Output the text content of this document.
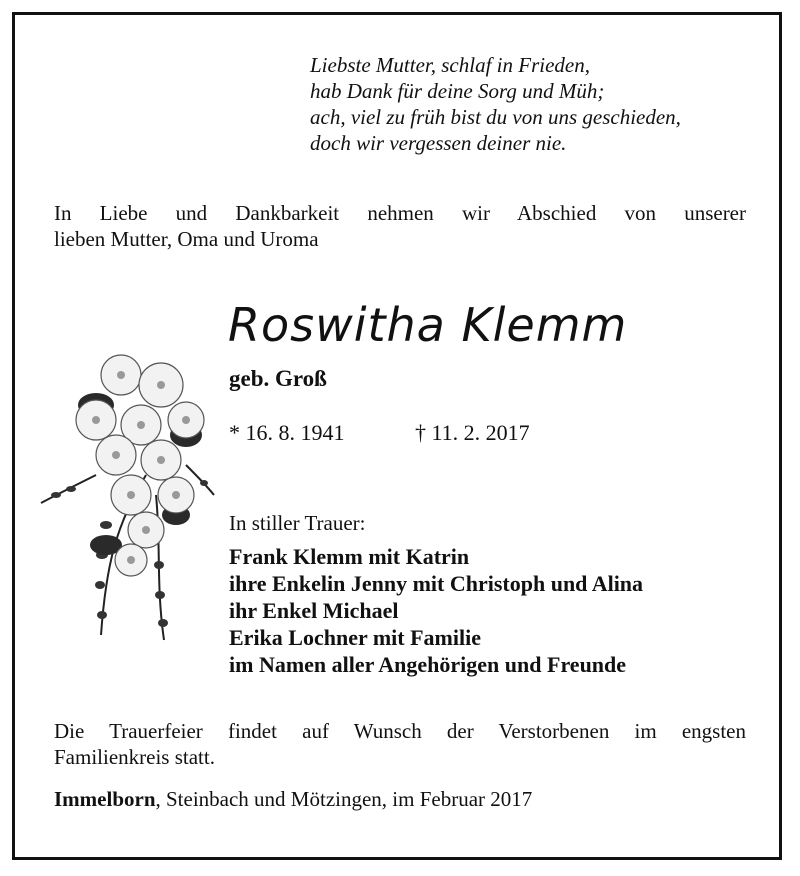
Liebste Mutter, schlaf in Frieden,
hab Dank für deine Sorg und Müh;
ach, viel zu früh bist du von uns geschieden,
doch wir vergessen deiner nie.
In Liebe und Dankbarkeit nehmen wir Abschied von unserer
lieben Mutter, Oma und Uroma
Roswitha Klemm
geb. Groß
* 16. 8. 1941	† 11. 2. 2017
In stiller Trauer:
Frank Klemm mit Katrin
ihre Enkelin Jenny mit Christoph und Alina
ihr Enkel Michael
Erika Lochner mit Familie
im Namen aller Angehörigen und Freunde
Die Trauerfeier findet auf Wunsch der Verstorbenen im engsten
Familienkreis statt.
Immelborn, Steinbach und Mötzingen, im Februar 2017
